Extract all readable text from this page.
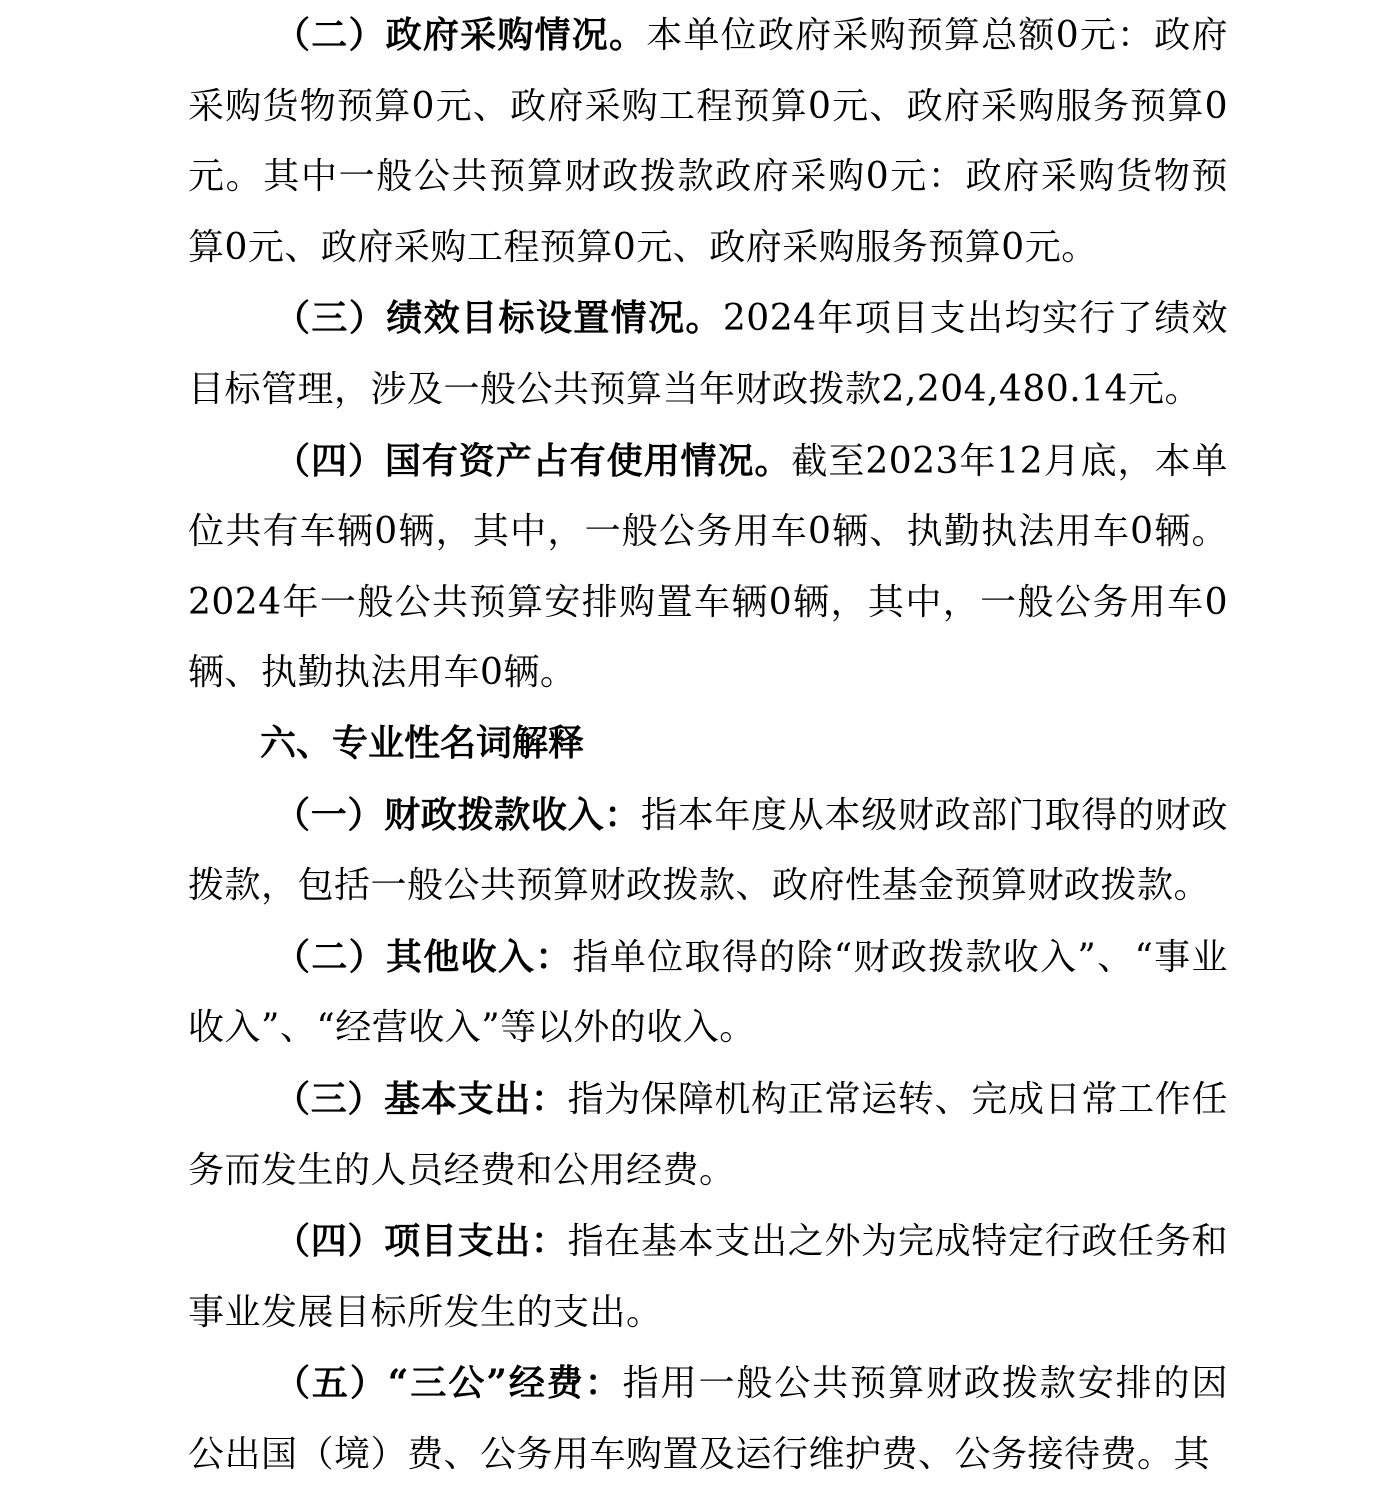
（二）政府采购情况。本单位政府采购预算总额0元：政府采购货物预算0元、政府采购工程预算0元、政府采购服务预算0元。其中一般公共预算财政拨款政府采购0元：政府采购货物预算0元、政府采购工程预算0元、政府采购服务预算0元。

（三）绩效目标设置情况。2024年项目支出均实行了绩效目标管理，涉及一般公共预算当年财政拨款2,204,480.14元。

（四）国有资产占有使用情况。截至2023年12月底，本单位共有车辆0辆，其中，一般公务用车0辆、执勤执法用车0辆。2024年一般公共预算安排购置车辆0辆，其中，一般公务用车0辆、执勤执法用车0辆。

六、专业性名词解释

（一）财政拨款收入：指本年度从本级财政部门取得的财政拨款，包括一般公共预算财政拨款、政府性基金预算财政拨款。

（二）其他收入：指单位取得的除“财政拨款收入”、“事业收入”、“经营收入”等以外的收入。

（三）基本支出：指为保障机构正常运转、完成日常工作任务而发生的人员经费和公用经费。

（四）项目支出：指在基本支出之外为完成特定行政任务和事业发展目标所发生的支出。

（五）“三公”经费：指用一般公共预算财政拨款安排的因公出国（境）费、公务用车购置及运行维护费、公务接待费。其
